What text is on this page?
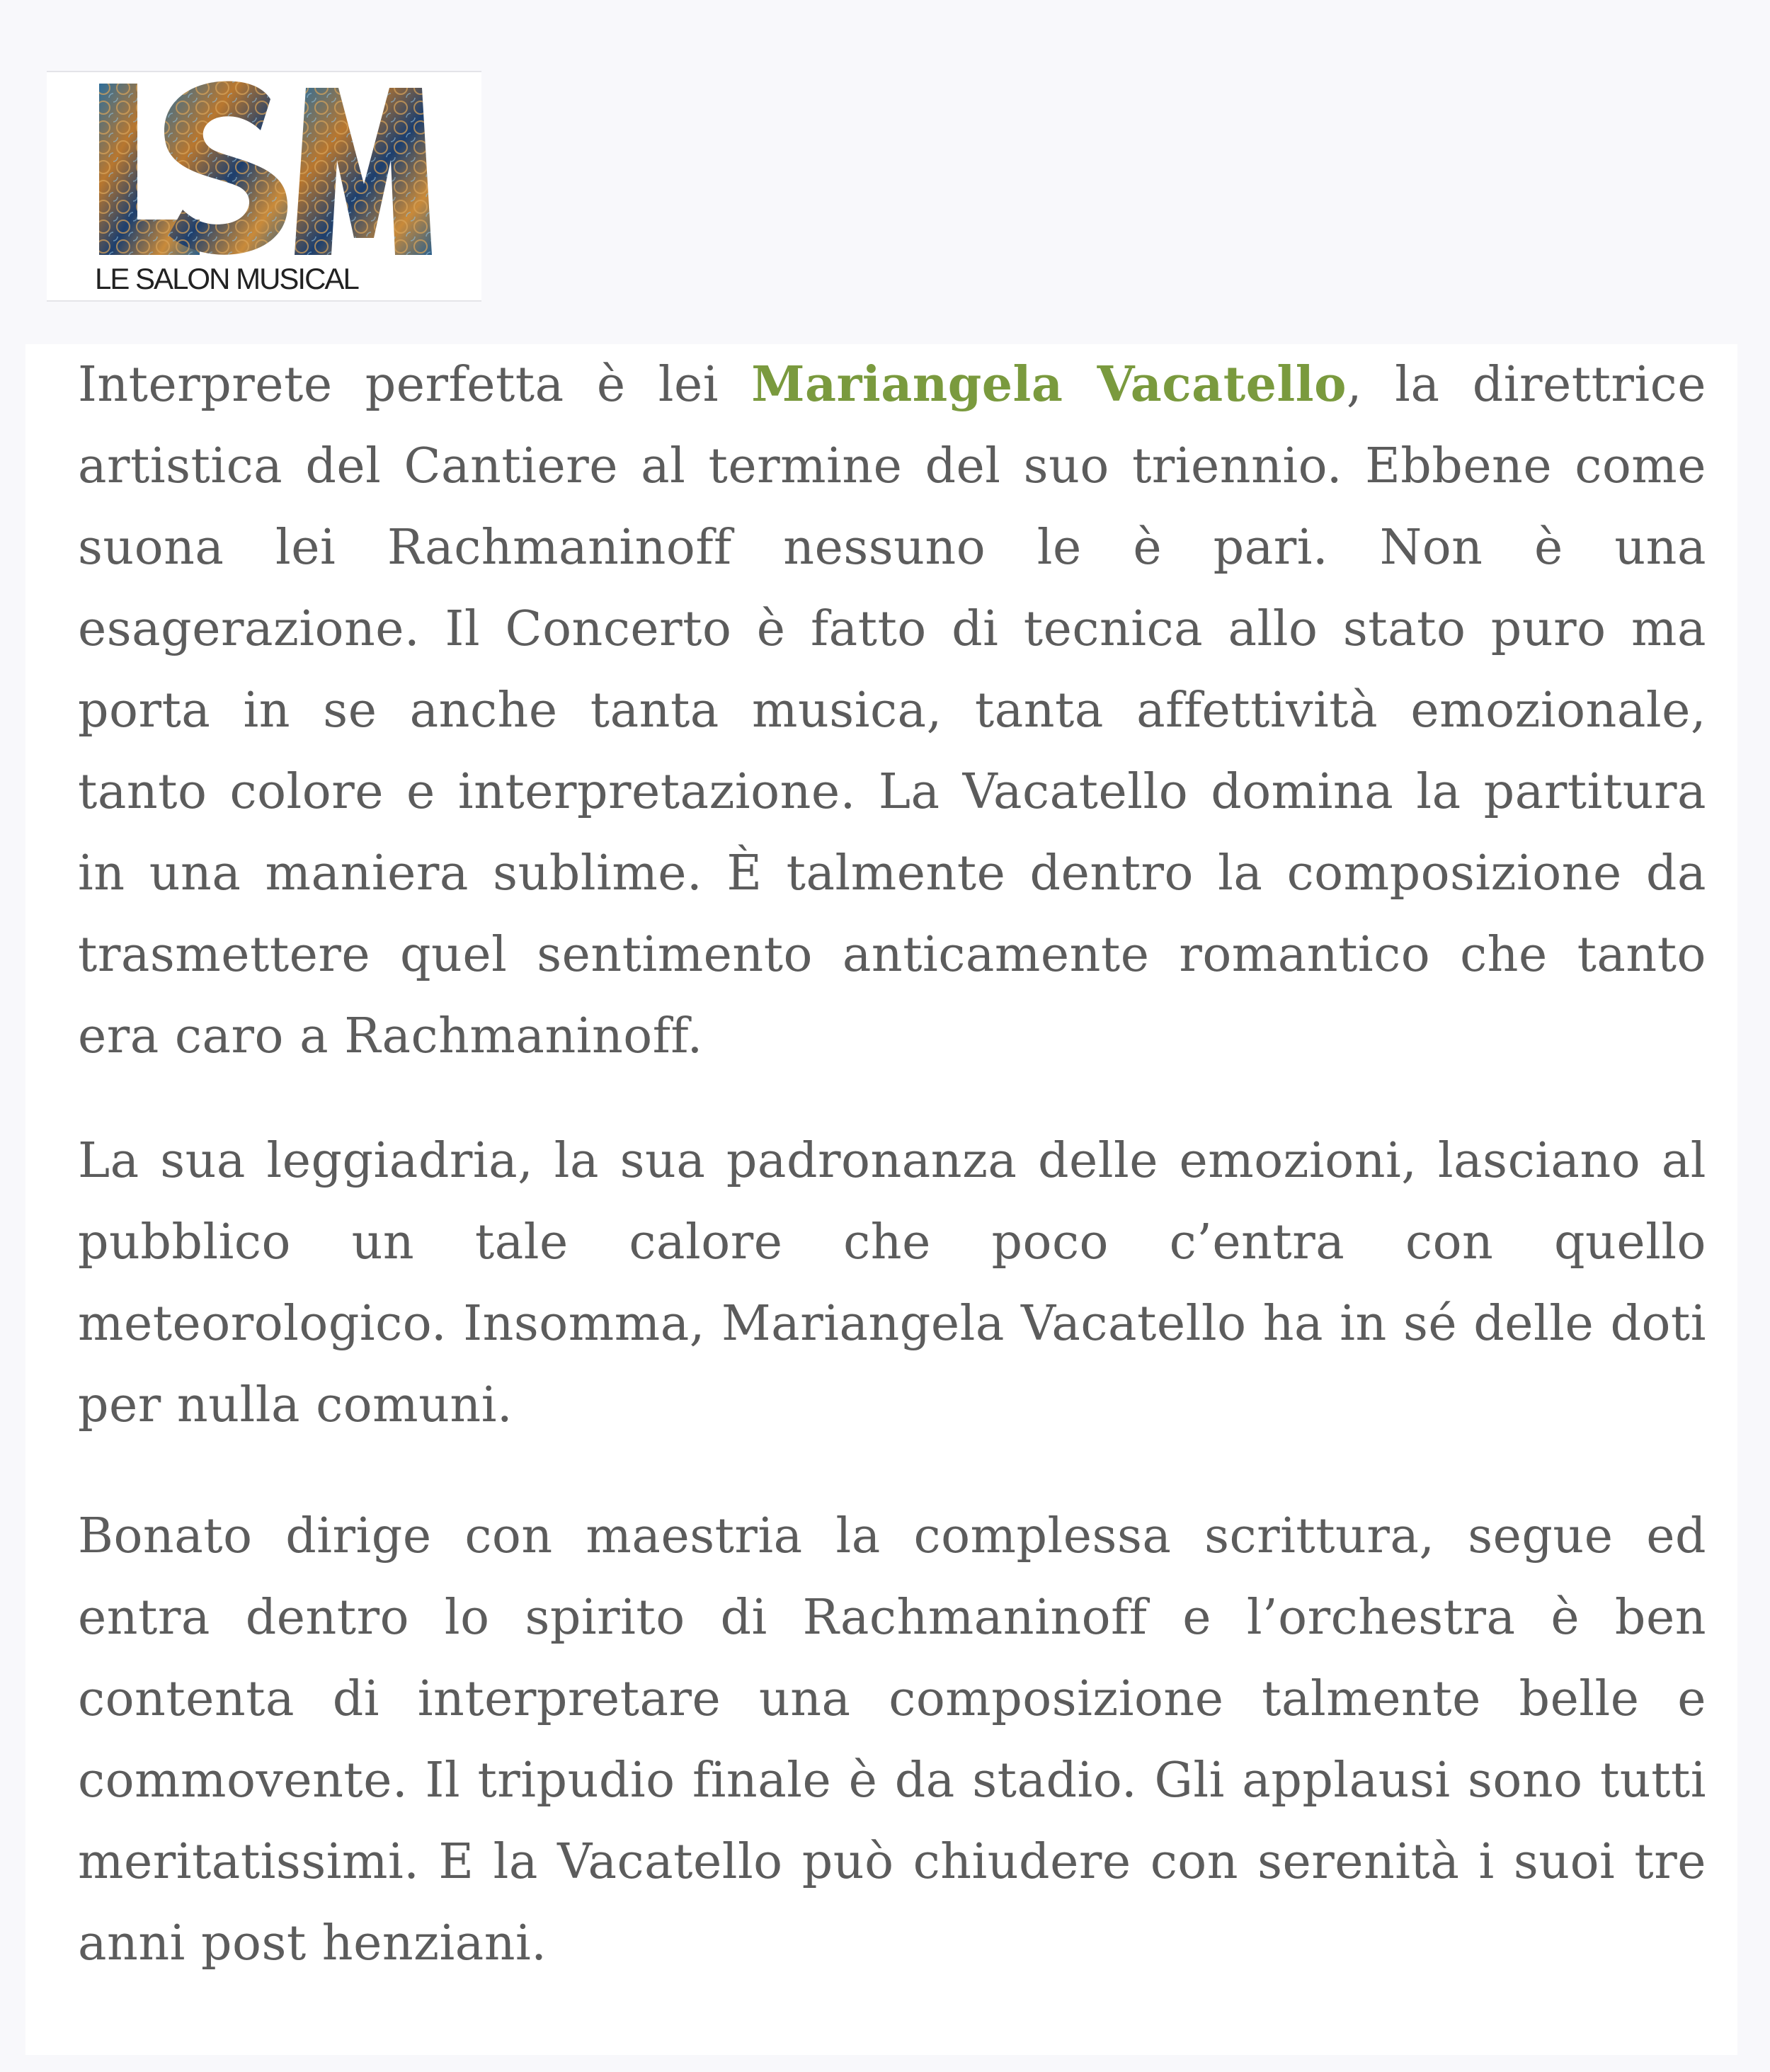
LE SALON MUSICAL

Interprete perfetta è lei Mariangela Vacatello, la direttrice artistica del Cantiere al termine del suo triennio. Ebbene come suona lei Rachmaninoff nessuno le è pari. Non è una esagerazione. Il Concerto è fatto di tecnica allo stato puro ma porta in se anche tanta musica, tanta affettività emozionale, tanto colore e interpretazione. La Vacatello domina la partitura in una maniera sublime. È talmente dentro la composizione da trasmettere quel sentimento anticamente romantico che tanto era caro a Rachmaninoff.

La sua leggiadria, la sua padronanza delle emozioni, lasciano al pubblico un tale calore che poco c’entra con quello meteorologico. Insomma, Mariangela Vacatello ha in sé delle doti per nulla comuni.

Bonato dirige con maestria la complessa scrittura, segue ed entra dentro lo spirito di Rachmaninoff e l’orchestra è ben contenta di interpretare una composizione talmente belle e commovente. Il tripudio finale è da stadio. Gli applausi sono tutti meritatissimi. E la Vacatello può chiudere con serenità i suoi tre anni post henziani.
